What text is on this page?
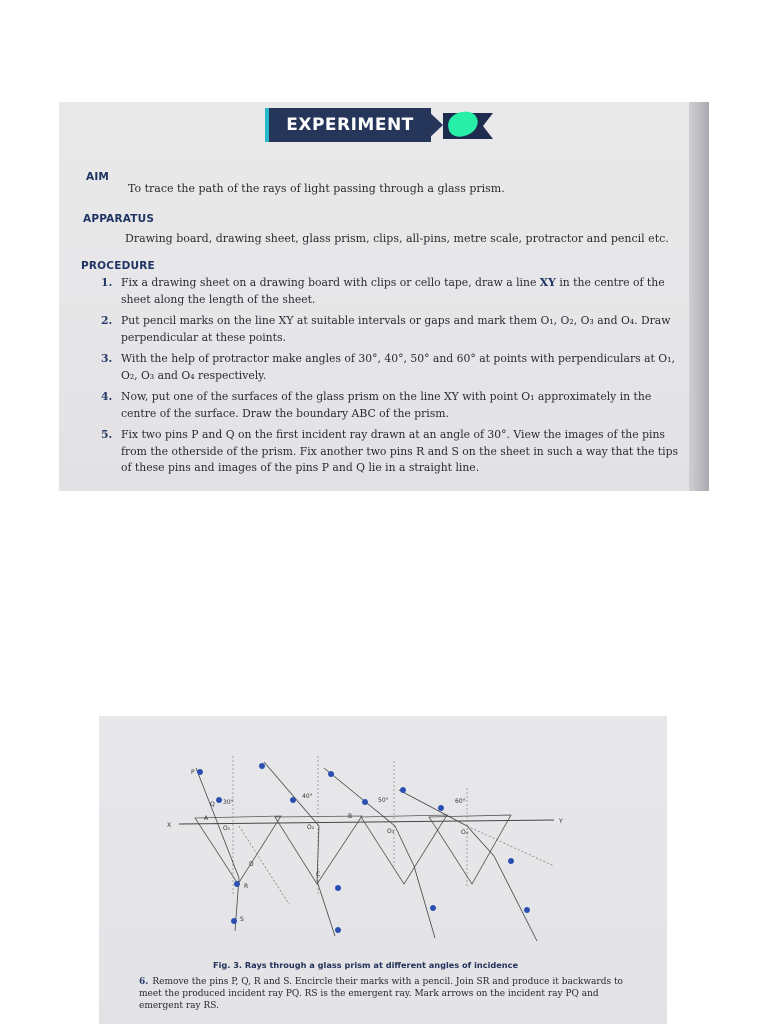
EXPERIMENT
AIM
To trace the path of the rays of light passing through a glass prism.
APPARATUS
Drawing board, drawing sheet, glass prism, clips, all-pins, metre scale, protractor and pencil etc.
PROCEDURE
1. Fix a drawing sheet on a drawing board with clips or cello tape, draw a line XY in the centre of the sheet along the length of the sheet.
2. Put pencil marks on the line XY at suitable intervals or gaps and mark them O₁, O₂, O₃ and O₄. Draw perpendicular at these points.
3. With the help of protractor make angles of 30°, 40°, 50° and 60° at points with perpendiculars at O₁, O₂, O₃ and O₄ respectively.
4. Now, put one of the surfaces of the glass prism on the line XY with point O₁ approximately in the centre of the surface. Draw the boundary ABC of the prism.
5. Fix two pins P and Q on the first incident ray drawn at an angle of 30°. View the images of the pins from the otherside of the prism. Fix another two pins R and S on the sheet in such a way that the tips of these pins and images of the pins P and Q lie in a straight line.
X
Y
P
Q 30°
A
O₁
D
R
S
40°
O₂
C
50°
O₃
B
60°
O₄
Fig. 3. Rays through a glass prism at different angles of incidence
6. Remove the pins P, Q, R and S. Encircle their marks with a pencil. Join SR and produce it backwards to meet the produced incident ray PQ. RS is the emergent ray. Mark arrows on the incident ray PQ and emergent ray RS.
